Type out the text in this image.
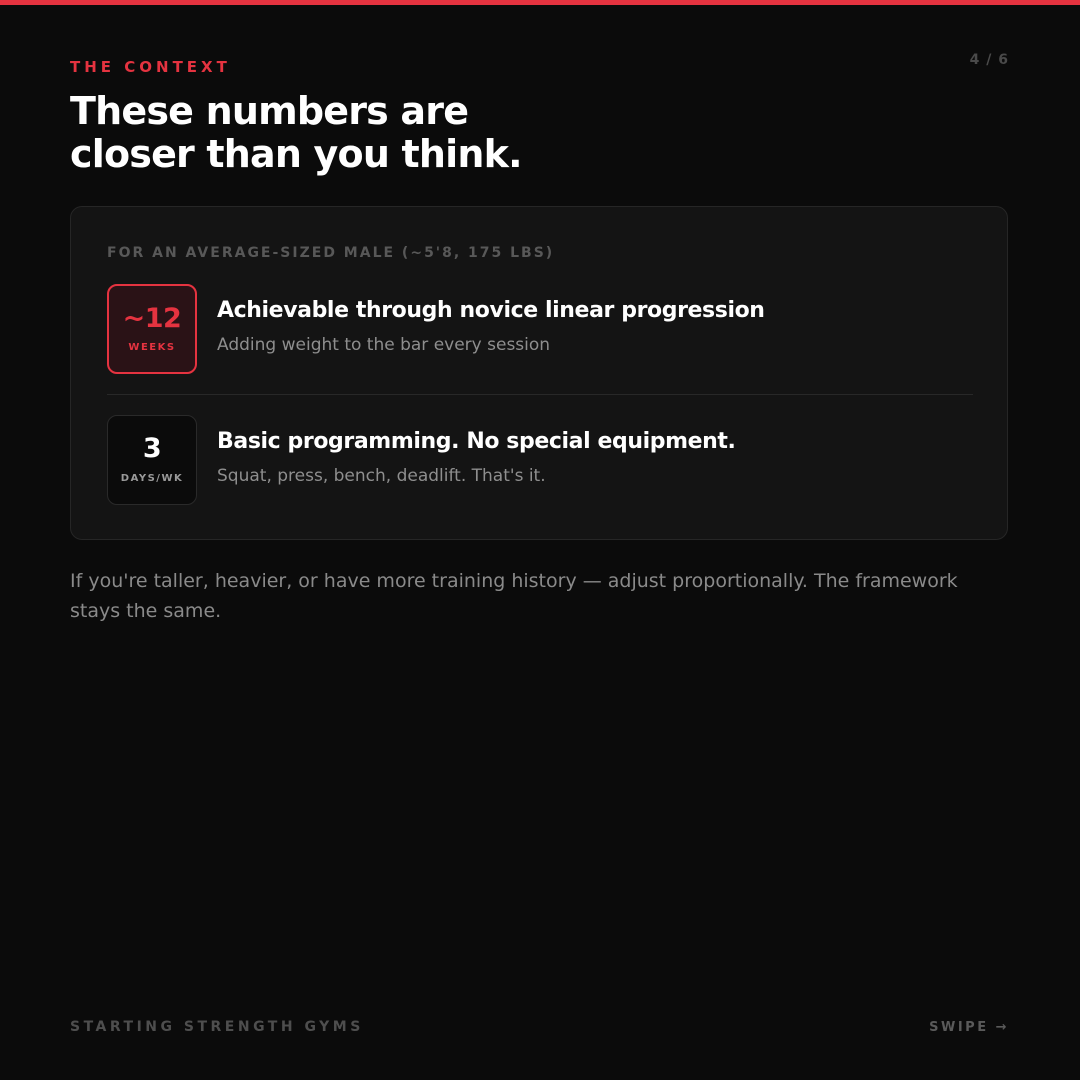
THE CONTEXT	4 / 6
These numbers are
closer than you think.
FOR AN AVERAGE-SIZED MALE (~5'8, 175 LBS)
~12
WEEKS
Achievable through novice linear progression
Adding weight to the bar every session
3
DAYS/WK
Basic programming. No special equipment.
Squat, press, bench, deadlift. That's it.

If you're taller, heavier, or have more training history — adjust proportionally. The framework stays the same.

STARTING STRENGTH GYMS	SWIPE →
